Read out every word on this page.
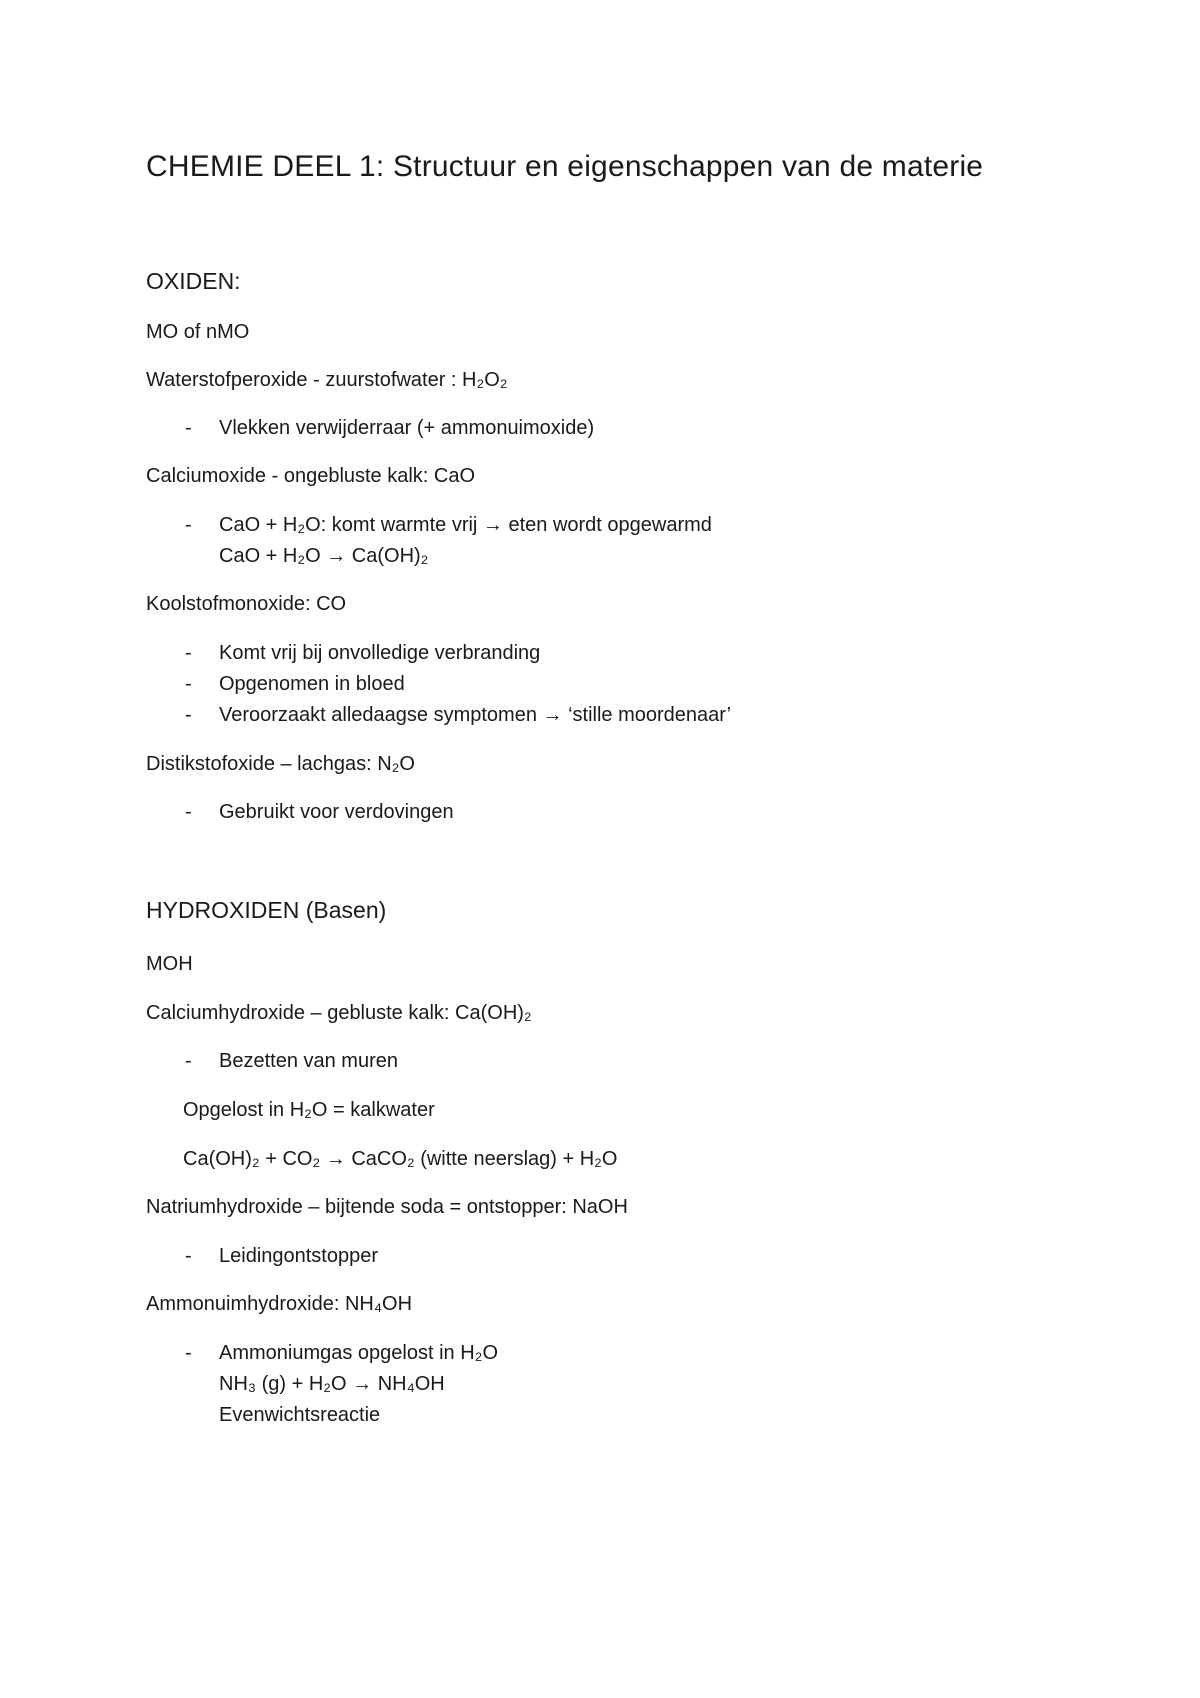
CHEMIE DEEL 1: Structuur en eigenschappen van de materie
OXIDEN:
MO of nMO
Waterstofperoxide - zuurstofwater : H₂O₂
- Vlekken verwijderraar (+ ammonuimoxide)
Calciumoxide - ongebluste kalk: CaO
- CaO + H₂O: komt warmte vrij → eten wordt opgewarmd
CaO + H₂O → Ca(OH)₂
Koolstofmonoxide: CO
- Komt vrij bij onvolledige verbranding
- Opgenomen in bloed
- Veroorzaakt alledaagse symptomen → ‘stille moordenaar’
Distikstofoxide – lachgas: N₂O
- Gebruikt voor verdovingen
HYDROXIDEN (Basen)
MOH
Calciumhydroxide – gebluste kalk: Ca(OH)₂
- Bezetten van muren
Opgelost in H₂O = kalkwater
Ca(OH)₂ + CO₂ → CaCO₂ (witte neerslag) + H₂O
Natriumhydroxide – bijtende soda = ontstopper: NaOH
- Leidingontstopper
Ammonuimhydroxide: NH₄OH
- Ammoniumgas opgelost in H₂O
NH₃ (g) + H₂O → NH₄OH
Evenwichtsreactie
